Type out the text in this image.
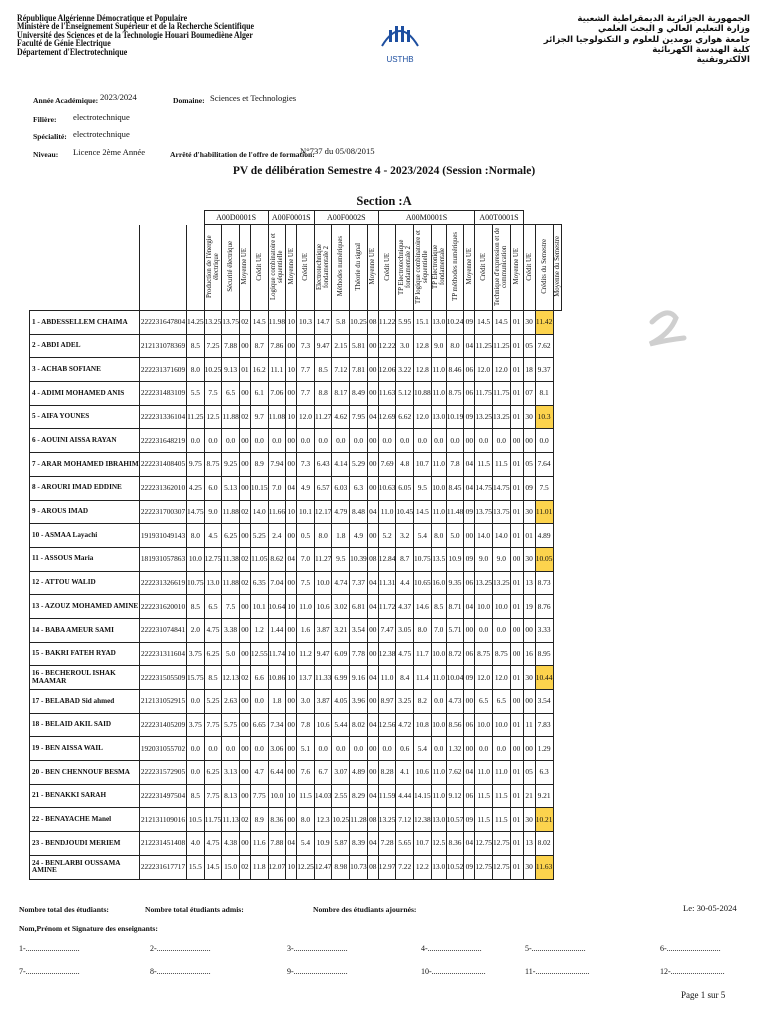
République Algérienne Démocratique et Populaire
Ministère de l'Enseignement Supérieur et de la Recherche Scientifique
Université des Sciences et de la Technologie Houari Boumediène Alger
Faculté de Génie Electrique
Département d'Electrotechnique
USTHB
الجمهورية الجزائرية الديمقراطية الشعبية
وزارة التعليم العالي و البحث العلمي
جامعة هواري بومدين للعلوم و التكنولوجيا الجزائر
كلية الهندسة الكهربائية
الالكتروتقنية
Année Académique: 2023/2024	Domaine: Sciences et Technologies
Filière: electrotechnique
Spécialité: electrotechnique
Niveau: Licence 2ème Année	Arrêté d'habilitation de l'offre de formation:
N°737 du 05/08/2015
PV de délibération Semestre 4 - 2023/2024 (Session :Normale)
Section :A
			A00D0001S				A00F0001S			A00F0002S				A00M0001S						A00T0001S					
			Production de l'énergie électrique	Sécurité électrique	Moyenne UE	Crédit UE	Logique combinatoire et séquentielle	Moyenne UE	Crédit UE	Electrotechnique fondamentale 2	Méthodes numériques	Théorie du signal	Moyenne UE	Crédit UE	TP Electrotechnique fondamentale 2	TP logique combinatoire et séquentielle	TP Electronique fondamentale	TP méthodes numériques	Moyenne UE	Crédit UE	Technique d'expression et de communication	Moyenne UE	Crédit UE	Crédits du Semestre	Moyenne du Semestre
1 - ABDESSELLEM CHAIMA	222231647804	14.25	13.25	13.75	02	14.5	11.98	10	10.3	14.7	5.8	10.25	08	11.22	5.95	15.1	13.0	10.24	09	14.5	14.5	01	30	11.42	
2 - ABDI ADEL	212131078369	8.5	7.25	7.88	00	8.7	7.86	00	7.3	9.47	2.15	5.81	00	12.22	3.0	12.8	9.0	8.0	04	11.25	11.25	01	05	7.62	
3 - ACHAB SOFIANE	222231371609	8.0	10.25	9.13	01	16.2	11.1	10	7.7	8.5	7.12	7.81	00	12.06	3.22	12.8	11.0	8.46	06	12.0	12.0	01	18	9.37	
4 - ADIMI MOHAMED ANIS	222231483109	5.5	7.5	6.5	00	6.1	7.06	00	7.7	8.8	8.17	8.49	00	11.63	5.12	10.88	11.0	8.75	06	11.75	11.75	01	07	8.1	
5 - AIFA YOUNES	222231336104	11.25	12.5	11.88	02	9.7	11.08	10	12.0	11.27	4.62	7.95	04	12.69	6.62	12.0	13.0	10.19	09	13.25	13.25	01	30	10.3	
6 - AOUINI AISSA RAYAN	222231648219	0.0	0.0	0.0	00	0.0	0.0	00	0.0	0.0	0.0	0.0	00	0.0	0.0	0.0	0.0	0.0	00	0.0	0.0	00	00	0.0	
7 - ARAR MOHAMED IBRAHIM	222231408405	9.75	8.75	9.25	00	8.9	7.94	00	7.3	6.43	4.14	5.29	00	7.69	4.8	10.7	11.0	7.8	04	11.5	11.5	01	05	7.64	
8 - AROURI IMAD EDDINE	222231362010	4.25	6.0	5.13	00	10.15	7.0	04	4.9	6.57	6.03	6.3	00	10.63	6.05	9.5	10.0	8.45	04	14.75	14.75	01	09	7.5	
9 - AROUS IMAD	222231700307	14.75	9.0	11.88	02	14.0	11.66	10	10.1	12.17	4.79	8.48	04	11.0	10.45	14.5	11.0	11.48	09	13.75	13.75	01	30	11.01	
10 - ASMAA Layachi	191931049143	8.0	4.5	6.25	00	5.25	2.4	00	0.5	8.0	1.8	4.9	00	5.2	3.2	5.4	8.0	5.0	00	14.0	14.0	01	01	4.89	
11 - ASSOUS Maria	181931057863	10.0	12.75	11.38	02	11.05	8.62	04	7.0	11.27	9.5	10.39	08	12.84	8.7	10.75	13.5	10.9	09	9.0	9.0	00	30	10.05	
12 - ATTOU WALID	222231326619	10.75	13.0	11.88	02	6.35	7.04	00	7.5	10.0	4.74	7.37	04	11.31	4.4	10.65	16.0	9.35	06	13.25	13.25	01	13	8.73	
13 - AZOUZ MOHAMED AMINE	222231620010	8.5	6.5	7.5	00	10.1	10.64	10	11.0	10.6	3.02	6.81	04	11.72	4.37	14.6	8.5	8.71	04	10.0	10.0	01	19	8.76	
14 - BABA AMEUR SAMI	222231074841	2.0	4.75	3.38	00	1.2	1.44	00	1.6	3.87	3.21	3.54	00	7.47	3.05	8.0	7.0	5.71	00	0.0	0.0	00	00	3.33	
15 - BAKRI FATEH RYAD	222231311604	3.75	6.25	5.0	00	12.55	11.74	10	11.2	9.47	6.09	7.78	00	12.38	4.75	11.7	10.0	8.72	06	8.75	8.75	00	16	8.95	
16 - BECHEROUL ISHAK MAAMAR	222231505509	15.75	8.5	12.13	02	6.6	10.86	10	13.7	11.33	6.99	9.16	04	11.0	8.4	11.4	11.0	10.04	09	12.0	12.0	01	30	10.44	
17 - BELABAD Sid ahmed	212131052915	0.0	5.25	2.63	00	0.0	1.8	00	3.0	3.87	4.05	3.96	00	8.97	3.25	8.2	0.0	4.73	00	6.5	6.5	00	00	3.54	
18 - BELAID AKIL SAID	222231405209	3.75	7.75	5.75	00	6.65	7.34	00	7.8	10.6	5.44	8.02	04	12.56	4.72	10.8	10.0	8.56	06	10.0	10.0	01	11	7.83	
19 - BEN AISSA WAIL	192031055702	0.0	0.0	0.0	00	0.0	3.06	00	5.1	0.0	0.0	0.0	00	0.0	0.6	5.4	0.0	1.32	00	0.0	0.0	00	00	1.29	
20 - BEN CHENNOUF BESMA	222231572905	0.0	6.25	3.13	00	4.7	6.44	00	7.6	6.7	3.07	4.89	00	8.28	4.1	10.6	11.0	7.62	04	11.0	11.0	01	05	6.3	
21 - BENAKKI SARAH	222231497504	8.5	7.75	8.13	00	7.75	10.0	10	11.5	14.03	2.55	8.29	04	11.59	4.44	14.15	11.0	9.12	06	11.5	11.5	01	21	9.21	
22 - BENAYACHE Manel	212131109016	10.5	11.75	11.13	02	8.9	8.36	00	8.0	12.3	10.25	11.28	08	13.25	7.12	12.38	13.0	10.57	09	11.5	11.5	01	30	10.21	
23 - BENDJOUDI MERIEM	212231451408	4.0	4.75	4.38	00	11.6	7.88	04	5.4	10.9	5.87	8.39	04	7.28	5.65	10.7	12.5	8.36	04	12.75	12.75	01	13	8.02	
24 - BENLARBI OUSSAMA AMINE	222231617717	15.5	14.5	15.0	02	11.8	12.07	10	12.25	12.47	8.98	10.73	08	12.97	7.22	12.2	13.0	10.52	09	12.75	12.75	01	30	11.63	
Nombre total des étudiants:	Nombre total étudiants admis:	Nombre des étudiants ajournés:	Le: 30-05-2024
Nom,Prénom et Signature des enseignants:
1-...........................	2-...........................	3-...........................	4-...........................	5-...........................	6-...........................
7-...........................	8-...........................	9-...........................	10-...........................	11-...........................	12-...........................
Page 1 sur 5
